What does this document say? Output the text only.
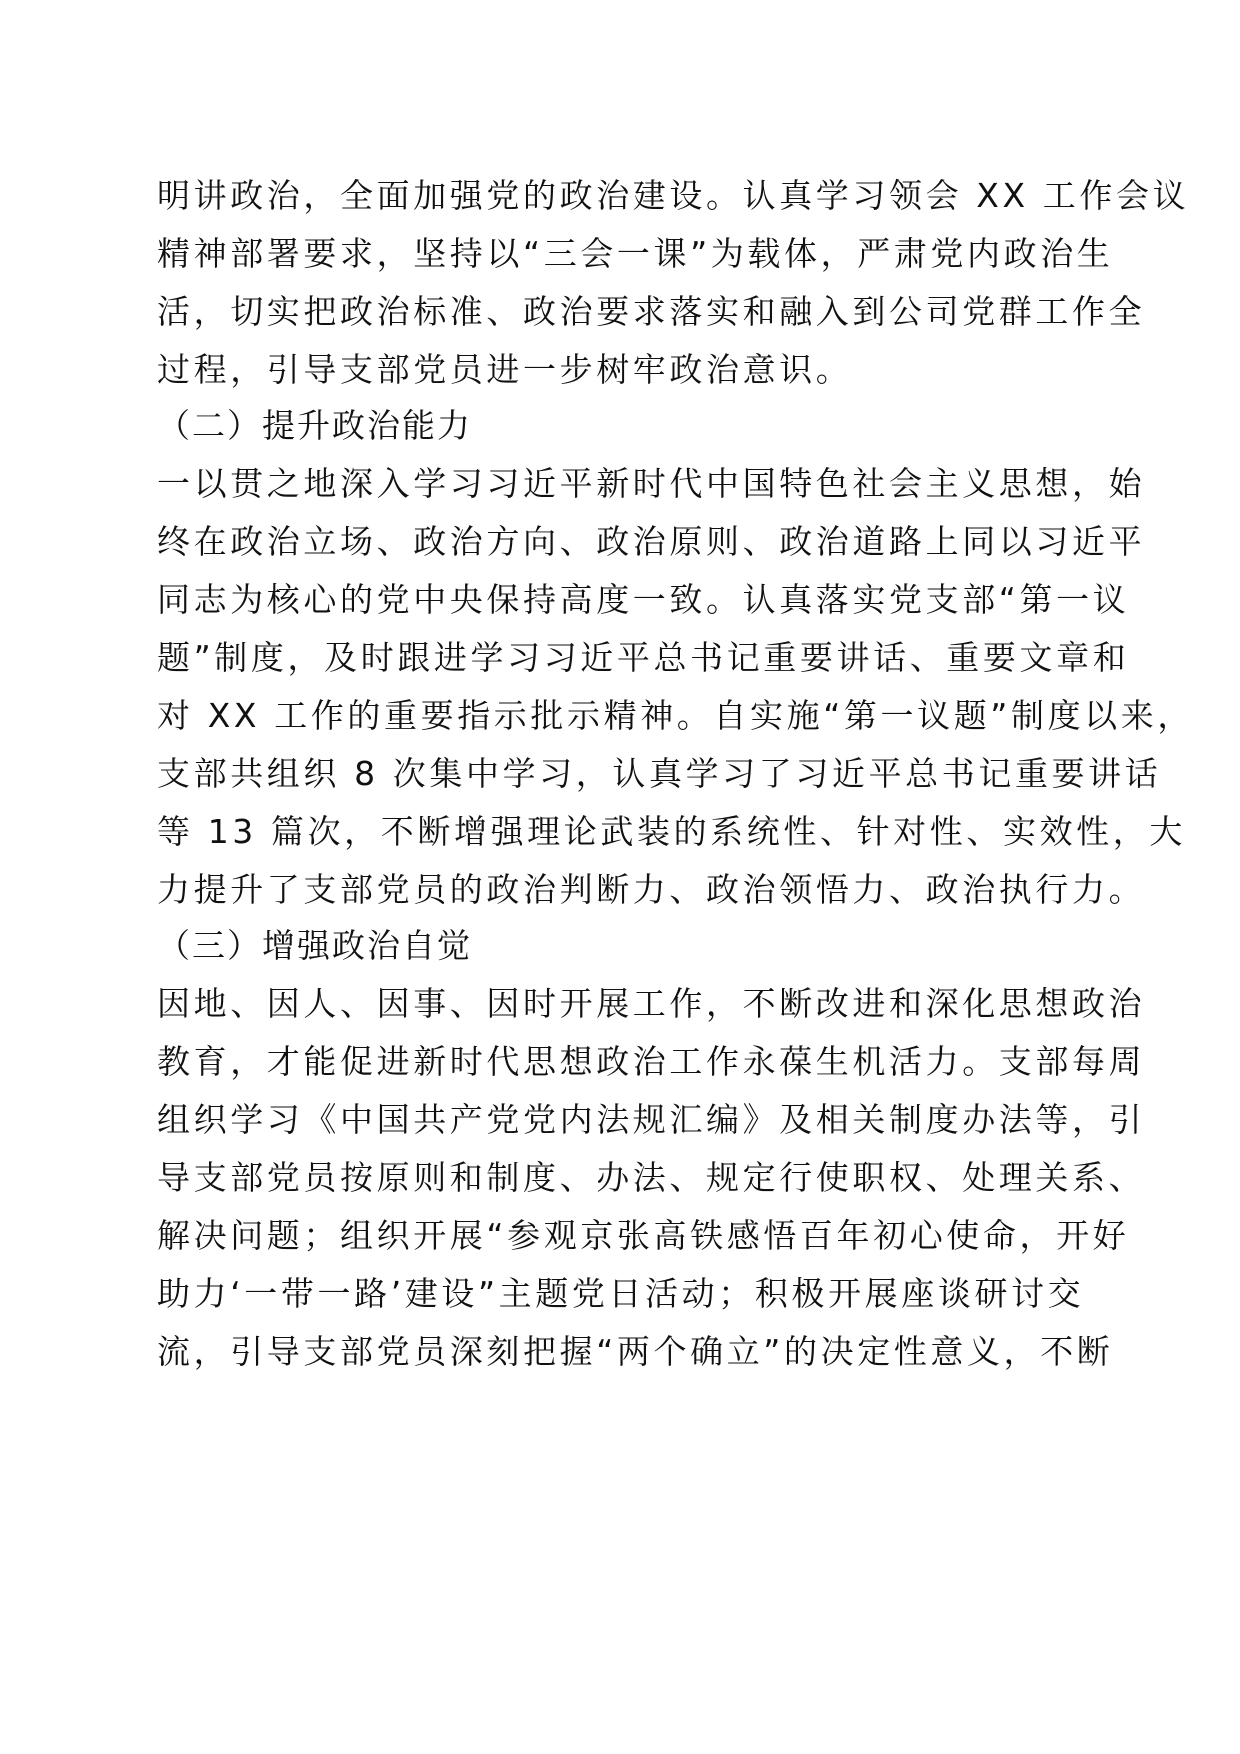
明讲政治，全面加强党的政治建设。认真学习领会 XX 工作会议
精神部署要求，坚持以“三会一课”为载体，严肃党内政治生
活，切实把政治标准、政治要求落实和融入到公司党群工作全
过程，引导支部党员进一步树牢政治意识。
（二）提升政治能力
一以贯之地深入学习习近平新时代中国特色社会主义思想，始
终在政治立场、政治方向、政治原则、政治道路上同以习近平
同志为核心的党中央保持高度一致。认真落实党支部“第一议
题”制度，及时跟进学习习近平总书记重要讲话、重要文章和
对 XX 工作的重要指示批示精神。自实施“第一议题”制度以来，
支部共组织 8 次集中学习，认真学习了习近平总书记重要讲话
等 13 篇次，不断增强理论武装的系统性、针对性、实效性，大
力提升了支部党员的政治判断力、政治领悟力、政治执行力。
（三）增强政治自觉
因地、因人、因事、因时开展工作，不断改进和深化思想政治
教育，才能促进新时代思想政治工作永葆生机活力。支部每周
组织学习《中国共产党党内法规汇编》及相关制度办法等，引
导支部党员按原则和制度、办法、规定行使职权、处理关系、
解决问题；组织开展“参观京张高铁感悟百年初心使命，开好
助力‘一带一路’建设”主题党日活动；积极开展座谈研讨交
流，引导支部党员深刻把握“两个确立”的决定性意义，不断
